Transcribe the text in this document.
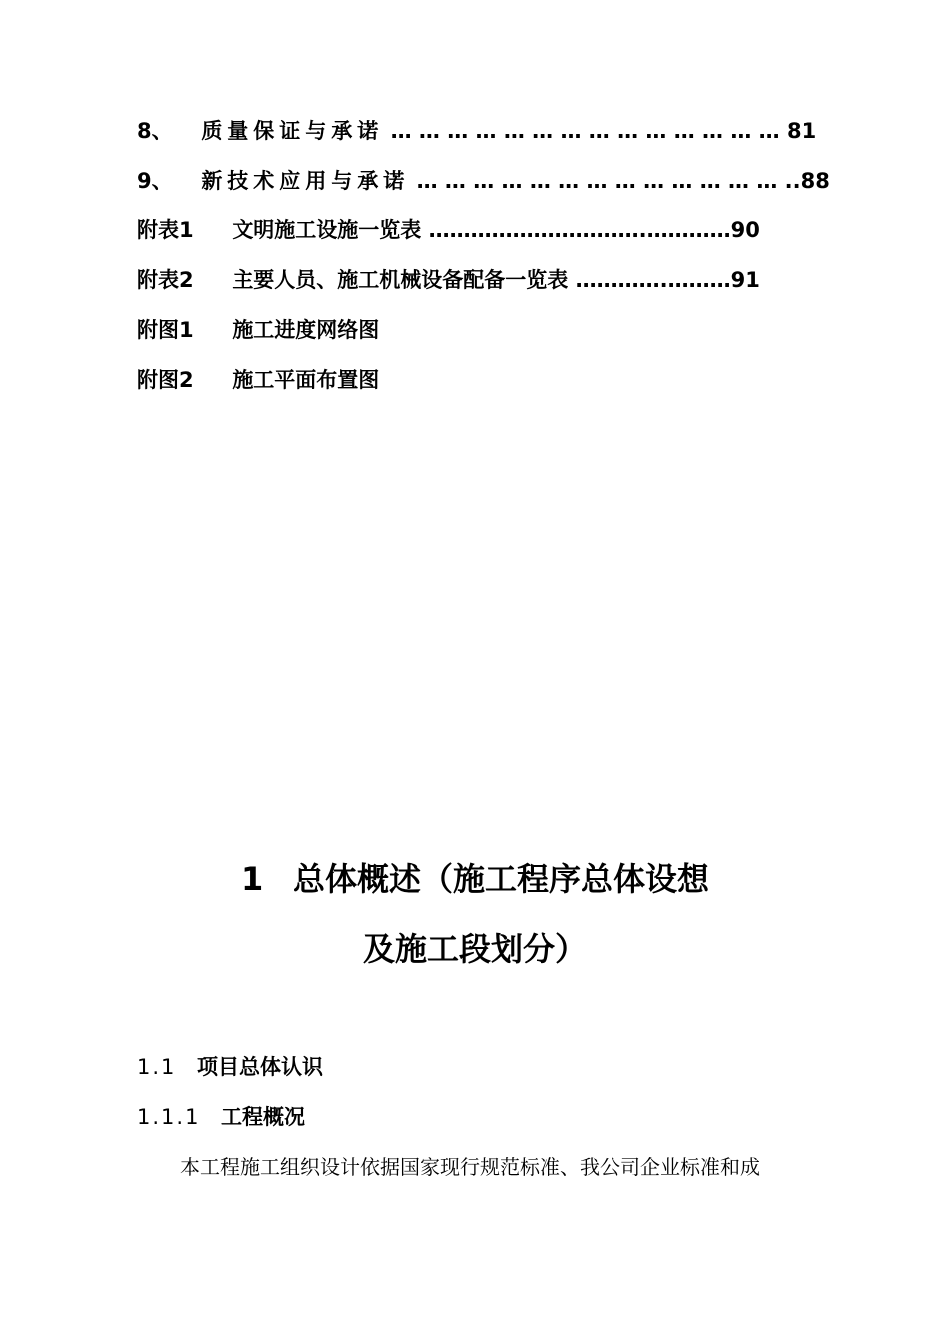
8、 质量保证与承诺 … … … … … … … … … … … … … … 81
9、 新技术应用与承诺 … … … … … … … … … … … … … ..88
附表1 文明施工设施一览表 ………………………….…………90
附表2 主要人员、施工机械设备配备一览表 ………….………91
附图1 施工进度网络图
附图2 施工平面布置图
1 总体概述（施工程序总体设想
及施工段划分）
1.1 项目总体认识
1.1.1 工程概况
本工程施工组织设计依据国家现行规范标准、我公司企业标准和成
